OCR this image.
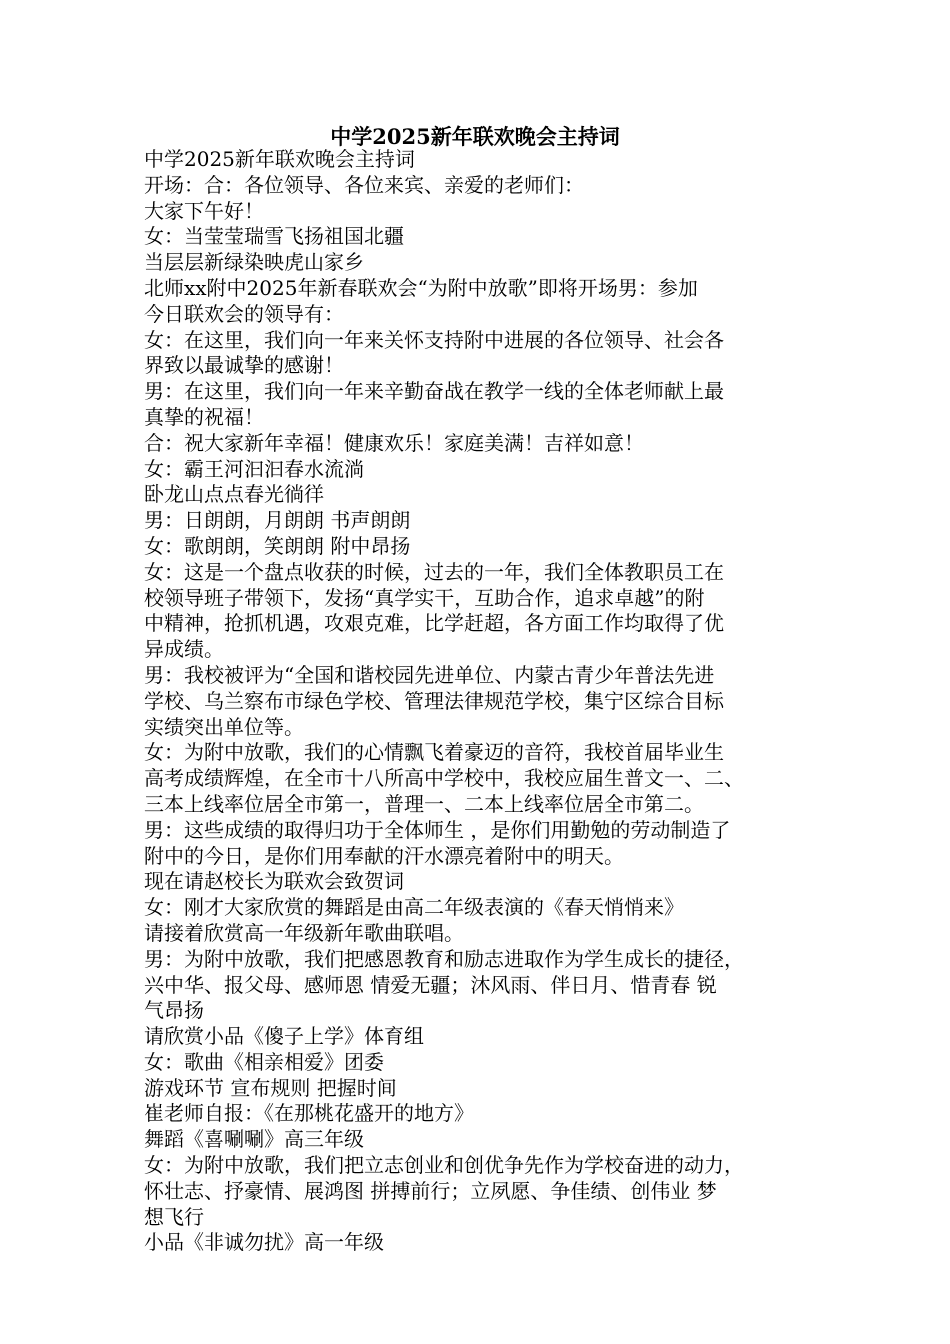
中学2025新年联欢晚会主持词
中学2025新年联欢晚会主持词
开场：合：各位领导、各位来宾、亲爱的老师们：
大家下午好！
女：当莹莹瑞雪飞扬祖国北疆
当层层新绿染映虎山家乡
北师xx附中2025年新春联欢会“为附中放歌”即将开场男：参加
今日联欢会的领导有：
女：在这里，我们向一年来关怀支持附中进展的各位领导、社会各
界致以最诚挚的感谢！
男：在这里，我们向一年来辛勤奋战在教学一线的全体老师献上最
真挚的祝福！
合：祝大家新年幸福！健康欢乐！家庭美满！吉祥如意！
女：霸王河汩汩春水流淌
卧龙山点点春光徜徉
男：日朗朗，月朗朗 书声朗朗
女：歌朗朗，笑朗朗 附中昂扬
女：这是一个盘点收获的时候，过去的一年，我们全体教职员工在
校领导班子带领下，发扬“真学实干，互助合作，追求卓越”的附
中精神，抢抓机遇，攻艰克难，比学赶超，各方面工作均取得了优
异成绩。
男：我校被评为“全国和谐校园先进单位、内蒙古青少年普法先进
学校、乌兰察布市绿色学校、管理法律规范学校，集宁区综合目标
实绩突出单位等。
女：为附中放歌，我们的心情飘飞着豪迈的音符，我校首届毕业生
高考成绩辉煌，在全市十八所高中学校中，我校应届生普文一、二、
三本上线率位居全市第一，普理一、二本上线率位居全市第二。
男：这些成绩的取得归功于全体师生 ，是你们用勤勉的劳动制造了
附中的今日，是你们用奉献的汗水漂亮着附中的明天。
现在请赵校长为联欢会致贺词
女：刚才大家欣赏的舞蹈是由高二年级表演的《春天悄悄来》
请接着欣赏高一年级新年歌曲联唱。
男：为附中放歌，我们把感恩教育和励志进取作为学生成长的捷径，
兴中华、报父母、感师恩 情爱无疆；沐风雨、伴日月、惜青春 锐
气昂扬
请欣赏小品《傻子上学》体育组
女：歌曲《相亲相爱》团委
游戏环节 宣布规则 把握时间
崔老师自报：《在那桃花盛开的地方》
舞蹈《喜唰唰》高三年级
女：为附中放歌，我们把立志创业和创优争先作为学校奋进的动力，
怀壮志、抒豪情、展鸿图 拼搏前行；立夙愿、争佳绩、创伟业 梦
想飞行
小品《非诚勿扰》高一年级
